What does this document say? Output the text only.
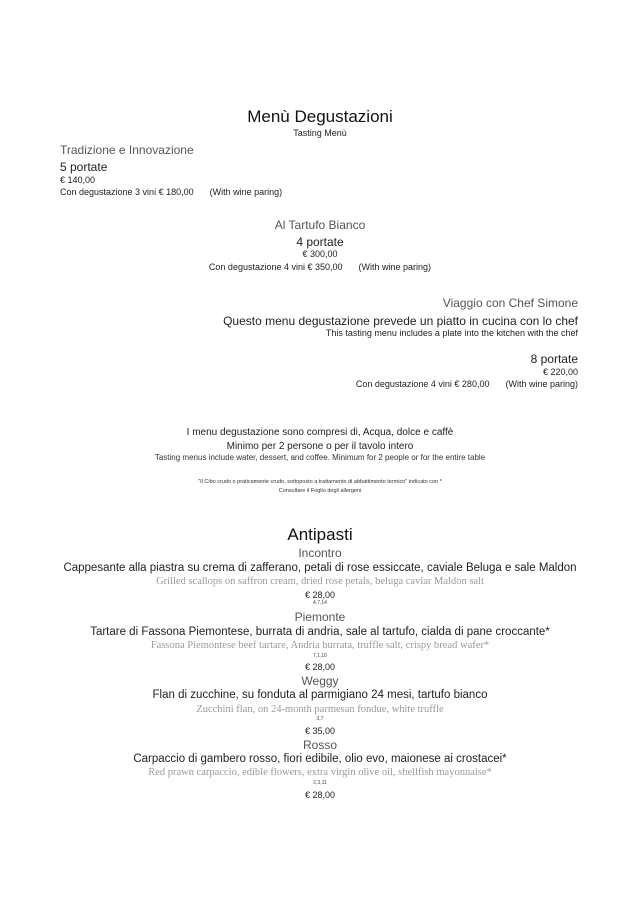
Menù Degustazioni
Tasting Menù
Tradizione e Innovazione
5 portate
€ 140,00
Con degustazione 3 vini € 180,00 (With wine paring)
Al Tartufo Bianco
4 portate
€ 300,00
Con degustazione 4 vini € 350,00 (With wine paring)
Viaggio con Chef Simone
Questo menu degustazione prevede un piatto in cucina con lo chef
This tasting menu includes a plate into the kitchen with the chef
8 portate
€ 220,00
Con degustazione 4 vini € 280,00 (With wine paring)
I menu degustazione sono compresi di, Acqua, dolce e caffè
Minimo per 2 persone o per il tavolo intero
Tasting menus include water, dessert, and coffee. Minimum for 2 people or for the entire table
"Il Cibo crudo o praticamente crudo, sottoposto a trattamento di abbattimento termico" indicato con *
Consultare il Foglio degli allergeni
Antipasti
Incontro
Cappesante alla piastra su crema di zafferano, petali di rose essiccate, caviale Beluga e sale Maldon
Grilled scallops on saffron cream, dried rose petals, beluga caviar Maldon salt
€ 28,00
4,7,14
Piemonte
Tartare di Fassona Piemontese, burrata di andria, sale al tartufo, cialda di pane croccante*
Fassona Piemontese beef tartare, Andria burrata, truffle salt, crispy bread wafer*
7,1,10
€ 28,00
Weggy
Flan di zucchine, su fonduta al parmigiano 24 mesi, tartufo bianco
Zucchini flan, on 24-month parmesan fondue, white truffle
3,7
€ 35,00
Rosso
Carpaccio di gambero rosso, fiori edibile, olio evo, maionese ai crostacei*
Red prawn carpaccio, edible flowers, extra virgin olive oil, shellfish mayonnaise*
2,3,11
€ 28,00
